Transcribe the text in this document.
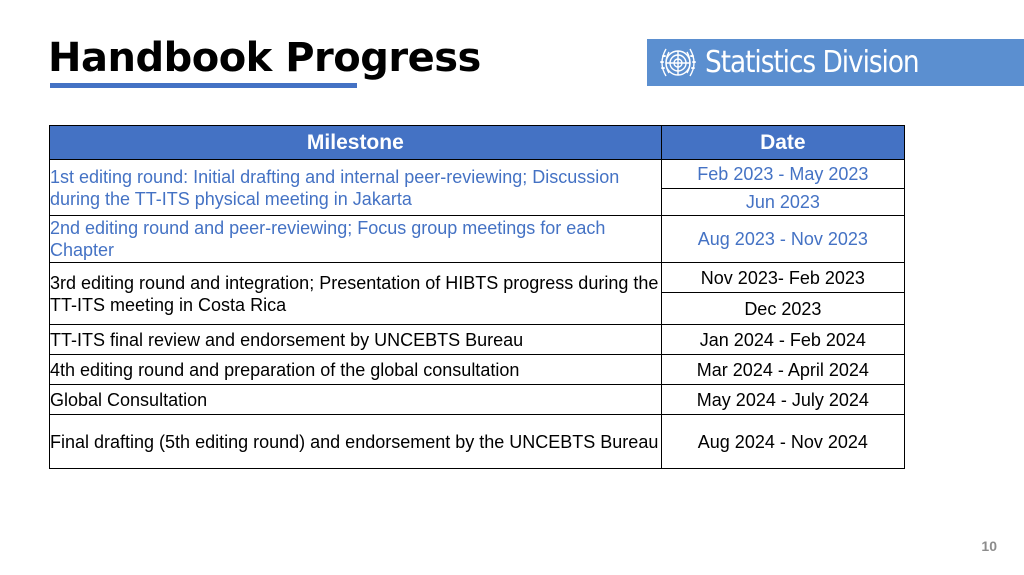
Handbook Progress	Statistics Division
Milestone	Date
1st editing round: Initial drafting and internal peer-reviewing; Discussion during the TT-ITS physical meeting in Jakarta	Feb 2023 - May 2023
	Jun 2023
2nd editing round and peer-reviewing; Focus group meetings for each Chapter	Aug 2023 - Nov 2023
3rd editing round and integration; Presentation of HIBTS progress during the TT-ITS meeting in Costa Rica	Nov 2023- Feb 2023
	Dec 2023
TT-ITS final review and endorsement by UNCEBTS Bureau	Jan 2024 - Feb 2024
4th editing round and preparation of the global consultation	Mar 2024 - April 2024
Global Consultation	May 2024 - July 2024
Final drafting (5th editing round) and endorsement by the UNCEBTS Bureau	Aug 2024 - Nov 2024
10
